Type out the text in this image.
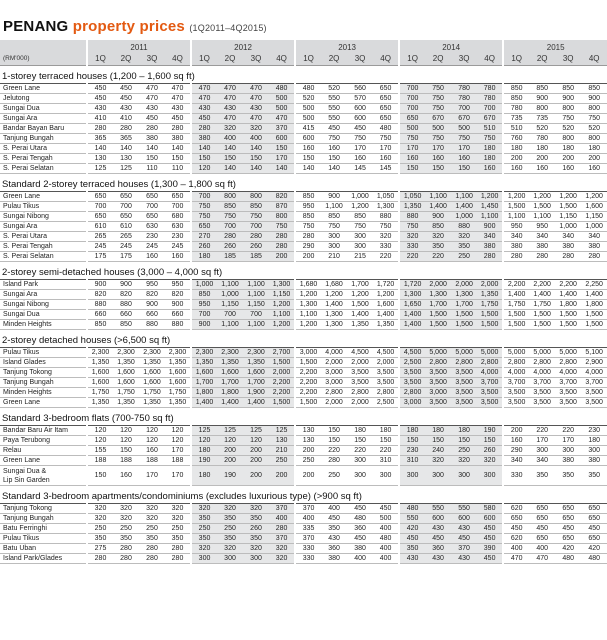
PENANG property prices (1Q2011–4Q2015)
	2011				2012				2013				2014				2015			
(RM'000)	1Q	2Q	3Q	4Q	1Q	2Q	3Q	4Q	1Q	2Q	3Q	4Q	1Q	2Q	3Q	4Q	1Q	2Q	3Q	4Q

1-storey terraced houses (1,200 – 1,600 sq ft)																				
Green Lane	450	450	470	470	470	470	470	480	480	520	560	650	700	750	780	780	850	850	850	850
Jelutong	450	450	470	470	470	470	470	500	520	550	570	650	700	750	780	780	850	900	900	900
Sungai Dua	430	430	430	430	430	430	430	500	500	550	600	650	700	750	700	700	780	800	800	800
Sungai Ara	410	410	450	450	450	470	470	470	500	550	600	650	650	670	670	670	735	735	750	750
Bandar Bayan Baru	280	280	280	280	280	320	320	370	415	450	450	480	500	500	500	510	510	520	520	520
Tanjung Bungah	365	365	380	380	380	400	400	600	600	750	750	750	750	750	750	750	760	780	800	800
S. Perai Utara	140	140	140	140	140	140	140	150	160	160	170	170	170	170	170	180	180	180	180	180
S. Perai Tengah	130	130	150	150	150	150	150	170	150	150	160	160	160	160	160	180	200	200	200	200
S. Perai Selatan	125	125	110	110	120	140	140	140	140	140	145	145	150	150	150	160	160	160	160	160

Standard 2-storey terraced houses (1,300 – 1,800 sq ft)																				
Green Lane	650	650	650	650	700	800	800	820	850	900	1,000	1,050	1,050	1,100	1,100	1,200	1,200	1,200	1,200	1,200
Pulau Tikus	700	700	700	700	750	850	850	870	950	1,100	1,200	1,300	1,350	1,400	1,400	1,450	1,500	1,500	1,500	1,600
Sungai Nibong	650	650	650	680	750	750	750	800	850	850	850	880	880	900	1,000	1,100	1,100	1,100	1,150	1,150
Sungai Ara	610	610	630	630	650	700	700	750	750	750	750	750	750	850	880	900	950	950	1,000	1,000
S. Perai Utara	265	265	230	230	270	280	280	280	280	300	300	320	320	320	320	340	340	340	340	340
S. Perai Tengah	245	245	245	245	260	260	260	280	290	300	300	330	330	350	350	380	380	380	380	380
S. Perai Selatan	175	175	160	160	180	185	185	200	200	210	215	220	220	220	250	280	280	280	280	280

2-storey semi-detached houses (3,000 – 4,000 sq ft)																				
Island Park	900	900	950	950	1,000	1,100	1,100	1,300	1,680	1,680	1,700	1,720	1,720	2,000	2,000	2,000	2,200	2,200	2,200	2,250
Sungai Ara	820	820	820	820	850	1,000	1,100	1,150	1,200	1,200	1,200	1,200	1,300	1,300	1,300	1,350	1,400	1,400	1,400	1,400
Sungai Nibong	880	880	900	900	950	1,150	1,150	1,200	1,300	1,400	1,500	1,600	1,650	1,700	1,700	1,750	1,750	1,750	1,800	1,800
Sungai Dua	660	660	660	660	700	700	700	1,100	1,100	1,300	1,400	1,400	1,400	1,500	1,500	1,500	1,500	1,500	1,500	1,500
Minden Heights	850	850	880	880	900	1,100	1,100	1,200	1,200	1,300	1,350	1,350	1,400	1,500	1,500	1,500	1,500	1,500	1,500	1,500

2-storey detached houses (>6,500 sq ft)																				
Pulau Tikus	2,300	2,300	2,300	2,300	2,300	2,300	2,300	2,700	3,000	4,000	4,500	4,500	4,500	5,000	5,000	5,000	5,000	5,000	5,000	5,100
Island Glades	1,350	1,350	1,350	1,350	1,350	1,350	1,350	1,500	1,500	2,000	2,000	2,000	2,500	2,800	2,800	2,800	2,800	2,800	2,800	2,900
Tanjung Tokong	1,600	1,600	1,600	1,600	1,600	1,600	1,600	2,000	2,200	3,000	3,500	3,500	3,500	3,500	3,500	4,000	4,000	4,000	4,000	4,000
Tanjung Bungah	1,600	1,600	1,600	1,600	1,700	1,700	1,700	2,200	2,200	3,000	3,500	3,500	3,500	3,500	3,500	3,700	3,700	3,700	3,700	3,700
Minden Heights	1,750	1,750	1,750	1,750	1,800	1,800	1,900	2,200	2,200	2,800	2,800	2,800	2,800	3,000	3,500	3,500	3,500	3,500	3,500	3,500
Green Lane	1,350	1,350	1,350	1,350	1,400	1,400	1,400	1,500	1,500	2,000	2,000	2,500	3,000	3,500	3,500	3,500	3,500	3,500	3,500	3,500

Standard 3-bedroom flats (700-750 sq ft)																				
Bandar Baru Air Itam	120	120	120	120	125	125	125	125	130	150	180	180	180	180	180	190	200	220	220	230
Paya Terubong	120	120	120	120	120	120	120	130	130	150	150	150	150	150	150	150	160	170	170	180
Relau	155	150	160	170	180	200	200	210	200	220	220	220	230	240	250	260	290	300	300	300
Green Lane	188	188	188	188	190	200	200	250	250	280	300	310	310	320	320	320	340	340	380	380

Sungai Dua &
Lip Sin Garden	150	160	170	170	180	190	200	200	200	250	300	300	300	300	300	300	330	350	350	350

Standard 3-bedroom apartments/condominiums (excludes luxurious type) (>900 sq ft)																				
Tanjung Tokong	320	320	320	320	320	320	320	370	370	400	450	450	480	550	550	580	620	650	650	650
Tanjung Bungah	320	320	320	320	350	350	350	400	400	450	480	500	550	600	600	600	650	650	650	650
Batu Ferringhi	250	250	250	250	250	250	260	280	335	350	360	400	420	430	430	450	450	450	450	450
Pulau Tikus	350	350	350	350	350	350	350	370	370	430	450	480	450	450	450	450	620	650	650	650
Batu Uban	275	280	280	280	320	320	320	320	330	360	380	400	350	360	370	390	400	400	420	420
Island Park/Glades	280	280	280	280	300	300	300	320	330	380	400	400	430	430	430	450	470	470	480	480
